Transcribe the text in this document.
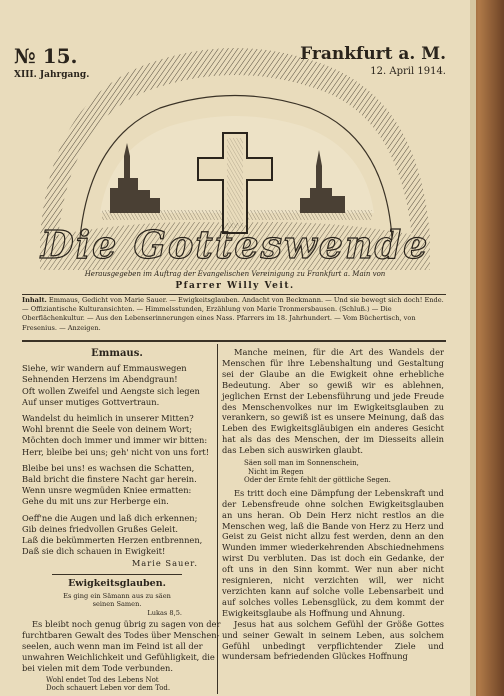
№ 15.
XIII. Jahrgang.
Frankfurt a. M.
12. April 1914.
Die Gotteswende
Herausgegeben im Auftrag der Evangelischen Vereinigung zu Frankfurt a. Main von
Pfarrer Willy Veit.
Inhalt. Emmaus, Gedicht von Marie Sauer. — Ewigkeitsglauben. Andacht von Beckmann. — Und sie bewegt sich doch! Ende. — Offiziantische Kulturansichten. — Himmelsstunden, Erzählung von Marie Tronmersbausen. (Schluß.) — Die Oberflächenkultur. — Aus den Lebenserinnerungen eines Nass. Pfarrers im 18. Jahrhundert. — Vom Büchertisch, von Fresenius. — Anzeigen.
Emmaus.
Siehe, wir wandern auf Emmauswegen
Sehnenden Herzens im Abendgraun!
Oft wollen Zweifel und Aengste sich legen
Auf unser mutiges Gottvertraun.
Wandelst du heimlich in unserer Mitten?
Wohl brennt die Seele von deinem Wort;
Möchten doch immer und immer wir bitten:
Herr, bleibe bei uns; geh' nicht von uns fort!
Bleibe bei uns! es wachsen die Schatten,
Bald bricht die finstere Nacht gar herein.
Wenn unsre wegmüden Kniee ermatten:
Gehe du mit uns zur Herberge ein.
Oeff'ne die Augen und laß dich erkennen;
Gib deines friedvollen Grußes Geleit.
Laß die bekümmerten Herzen entbrennen,
Daß sie dich schauen in Ewigkeit!
Marie Sauer.
Ewigkeitsglauben.
Es ging ein Sämann aus zu säen
seinen Samen.
Lukas 8,5.
Es bleibt noch genug übrig zu sagen von der
furchtbaren Gewalt des Todes über Menschen-
seelen, auch wenn man im Feind ist all der
unwahren Weichlichkeit und Gefühligkeit, die
bei vielen mit dem Tode verbunden.
Wohl endet Tod des Lebens Not
Doch schauert Leben vor dem Tod.

Manche meinen, für die Art des Wandels der Menschen für ihre Lebenshaltung und Gestaltung sei der Glaube an die Ewigkeit ohne erhebliche Bedeutung. Aber so gewiß wir es ablehnen, jeglichen Ernst der Lebensführung und jede Freude des Menschenvolkes nur im Ewigkeitsglauben zu verankern, so gewiß ist es unsere Meinung, daß das Leben des Ewigkeitsgläubigen ein anderes Gesicht hat als das des Menschen, der im Diesseits allein das Leben sich auswirken glaubt.

Säen soll man im Sonnenschein,
Nicht im Regen
Oder der Ernte fehlt der göttliche Segen.

Es tritt doch eine Dämpfung der Lebenskraft und der Lebensfreude ohne solchen Ewigkeitsglauben an uns heran. Ob Dein Herz nicht restlos an die Menschen weg, laß die Bande von Herz zu Herz und Geist zu Geist nicht allzu fest werden, denn an den Wunden immer wiederkehrenden Abschiednehmens wirst Du verbluten. Das ist doch ein Gedanke, der oft uns in den Sinn kommt. Wer nun aber nicht resignieren, nicht verzichten will, wer nicht verzichten kann auf solche volle Lebensarbeit und auf solches volles Lebensglück, zu dem kommt der Ewigkeitsglaube als Hoffnung und Ahnung.

Jesus hat aus solchem Gefühl der Größe Gottes und seiner Gewalt in seinem Leben, aus solchem Gefühl unbedingt verpflichtender Ziele und wundersam befriedenden Glückes Hoffnung
